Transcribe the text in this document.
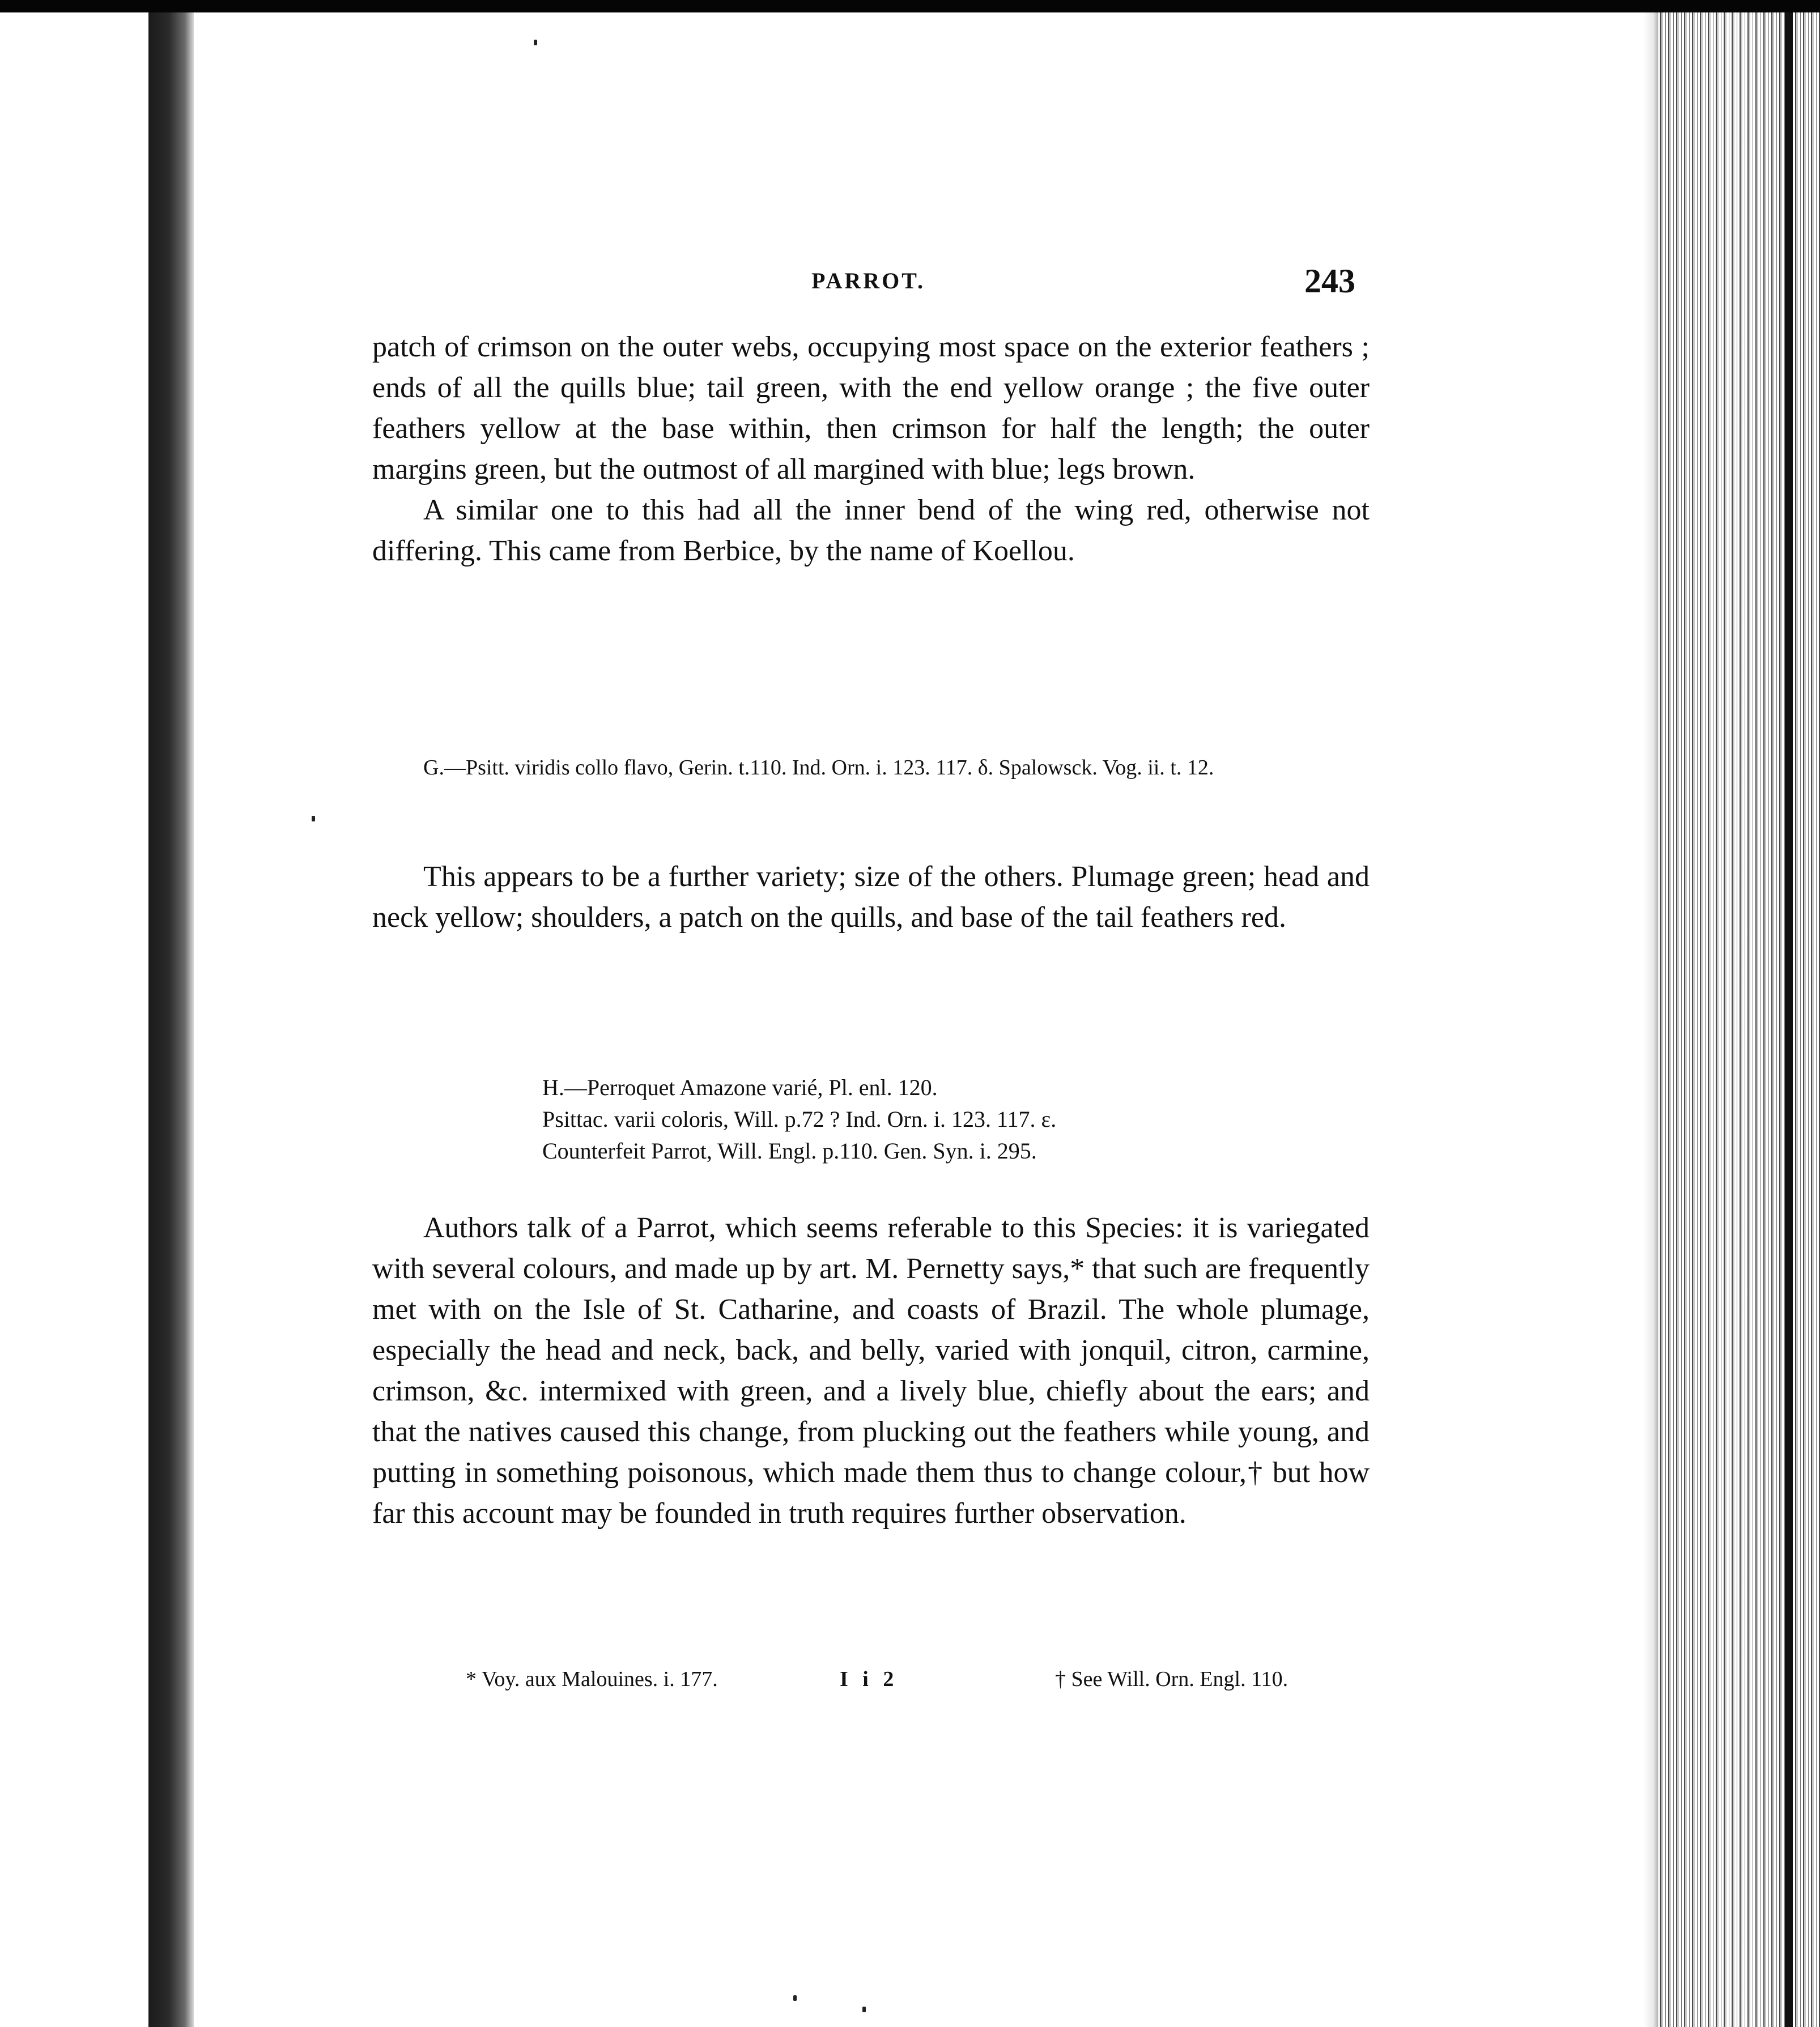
PARROT.	243

patch of crimson on the outer webs, occupying most space on the exterior feathers ; ends of all the quills blue; tail green, with the end yellow orange ; the five outer feathers yellow at the base within, then crimson for half the length; the outer margins green, but the outmost of all margined with blue; legs brown.

A similar one to this had all the inner bend of the wing red, otherwise not differing. This came from Berbice, by the name of Koellou.

G.—Psitt. viridis collo flavo, Gerin. t.110. Ind. Orn. i. 123. 117. δ. Spalowsck. Vog. ii. t. 12.

This appears to be a further variety; size of the others. Plumage green; head and neck yellow; shoulders, a patch on the quills, and base of the tail feathers red.

H.—Perroquet Amazone varié, Pl. enl. 120.
Psittac. varii coloris, Will. p.72 ? Ind. Orn. i. 123. 117. ε.
Counterfeit Parrot, Will. Engl. p.110. Gen. Syn. i. 295.

Authors talk of a Parrot, which seems referable to this Species: it is variegated with several colours, and made up by art. M. Pernetty says,* that such are frequently met with on the Isle of St. Catharine, and coasts of Brazil. The whole plumage, especially the head and neck, back, and belly, varied with jonquil, citron, carmine, crimson, &c. intermixed with green, and a lively blue, chiefly about the ears; and that the natives caused this change, from plucking out the feathers while young, and putting in something poisonous, which made them thus to change colour,† but how far this account may be founded in truth requires further observation.

* Voy. aux Malouines. i. 177.	I i 2	† See Will. Orn. Engl. 110.
